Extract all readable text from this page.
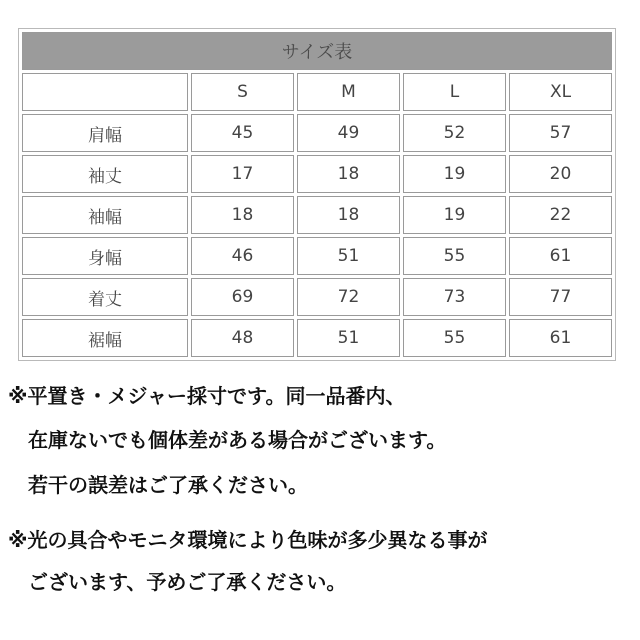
サイズ表				
	S	M	L	XL
肩幅	45	49	52	57
袖丈	17	18	19	20
袖幅	18	18	19	22
身幅	46	51	55	61
着丈	69	72	73	77
裾幅	48	51	55	61
※平置き・メジャー採寸です。同一品番内、
　在庫ないでも個体差がある場合がございます。
　若干の誤差はご了承ください。
※光の具合やモニタ環境により色味が多少異なる事が
　ございます、予めご了承ください。
